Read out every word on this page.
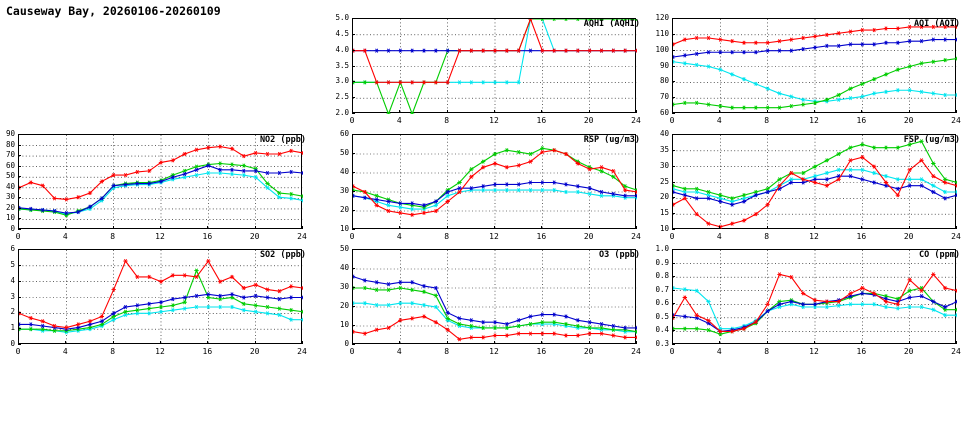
Causeway Bay, 20260106-20260109
AQHI (AQHI)
2.0
2.5
3.0
3.5
4.0
4.5
5.0
0	4	8	12	16	20	24
AQI (AQI)
60
70
80
90
100
110
120
0	4	8	12	16	20	24
NO2 (ppb)
0
10
20
30
40
50
60
70
80
90
0	4	8	12	16	20	24
RSP (ug/m3)
10
20
30
40
50
60
0	4	8	12	16	20	24
FSP (ug/m3)
10
15
20
25
30
35
40
0	4	8	12	16	20	24
SO2 (ppb)
0
1
2
3
4
5
6
0	4	8	12	16	20	24
O3 (ppb)
0
10
20
30
40
50
0	4	8	12	16	20	24
CO (ppm)
0.3
0.4
0.5
0.6
0.7
0.8
0.9
1.0
0	4	8	12	16	20	24
